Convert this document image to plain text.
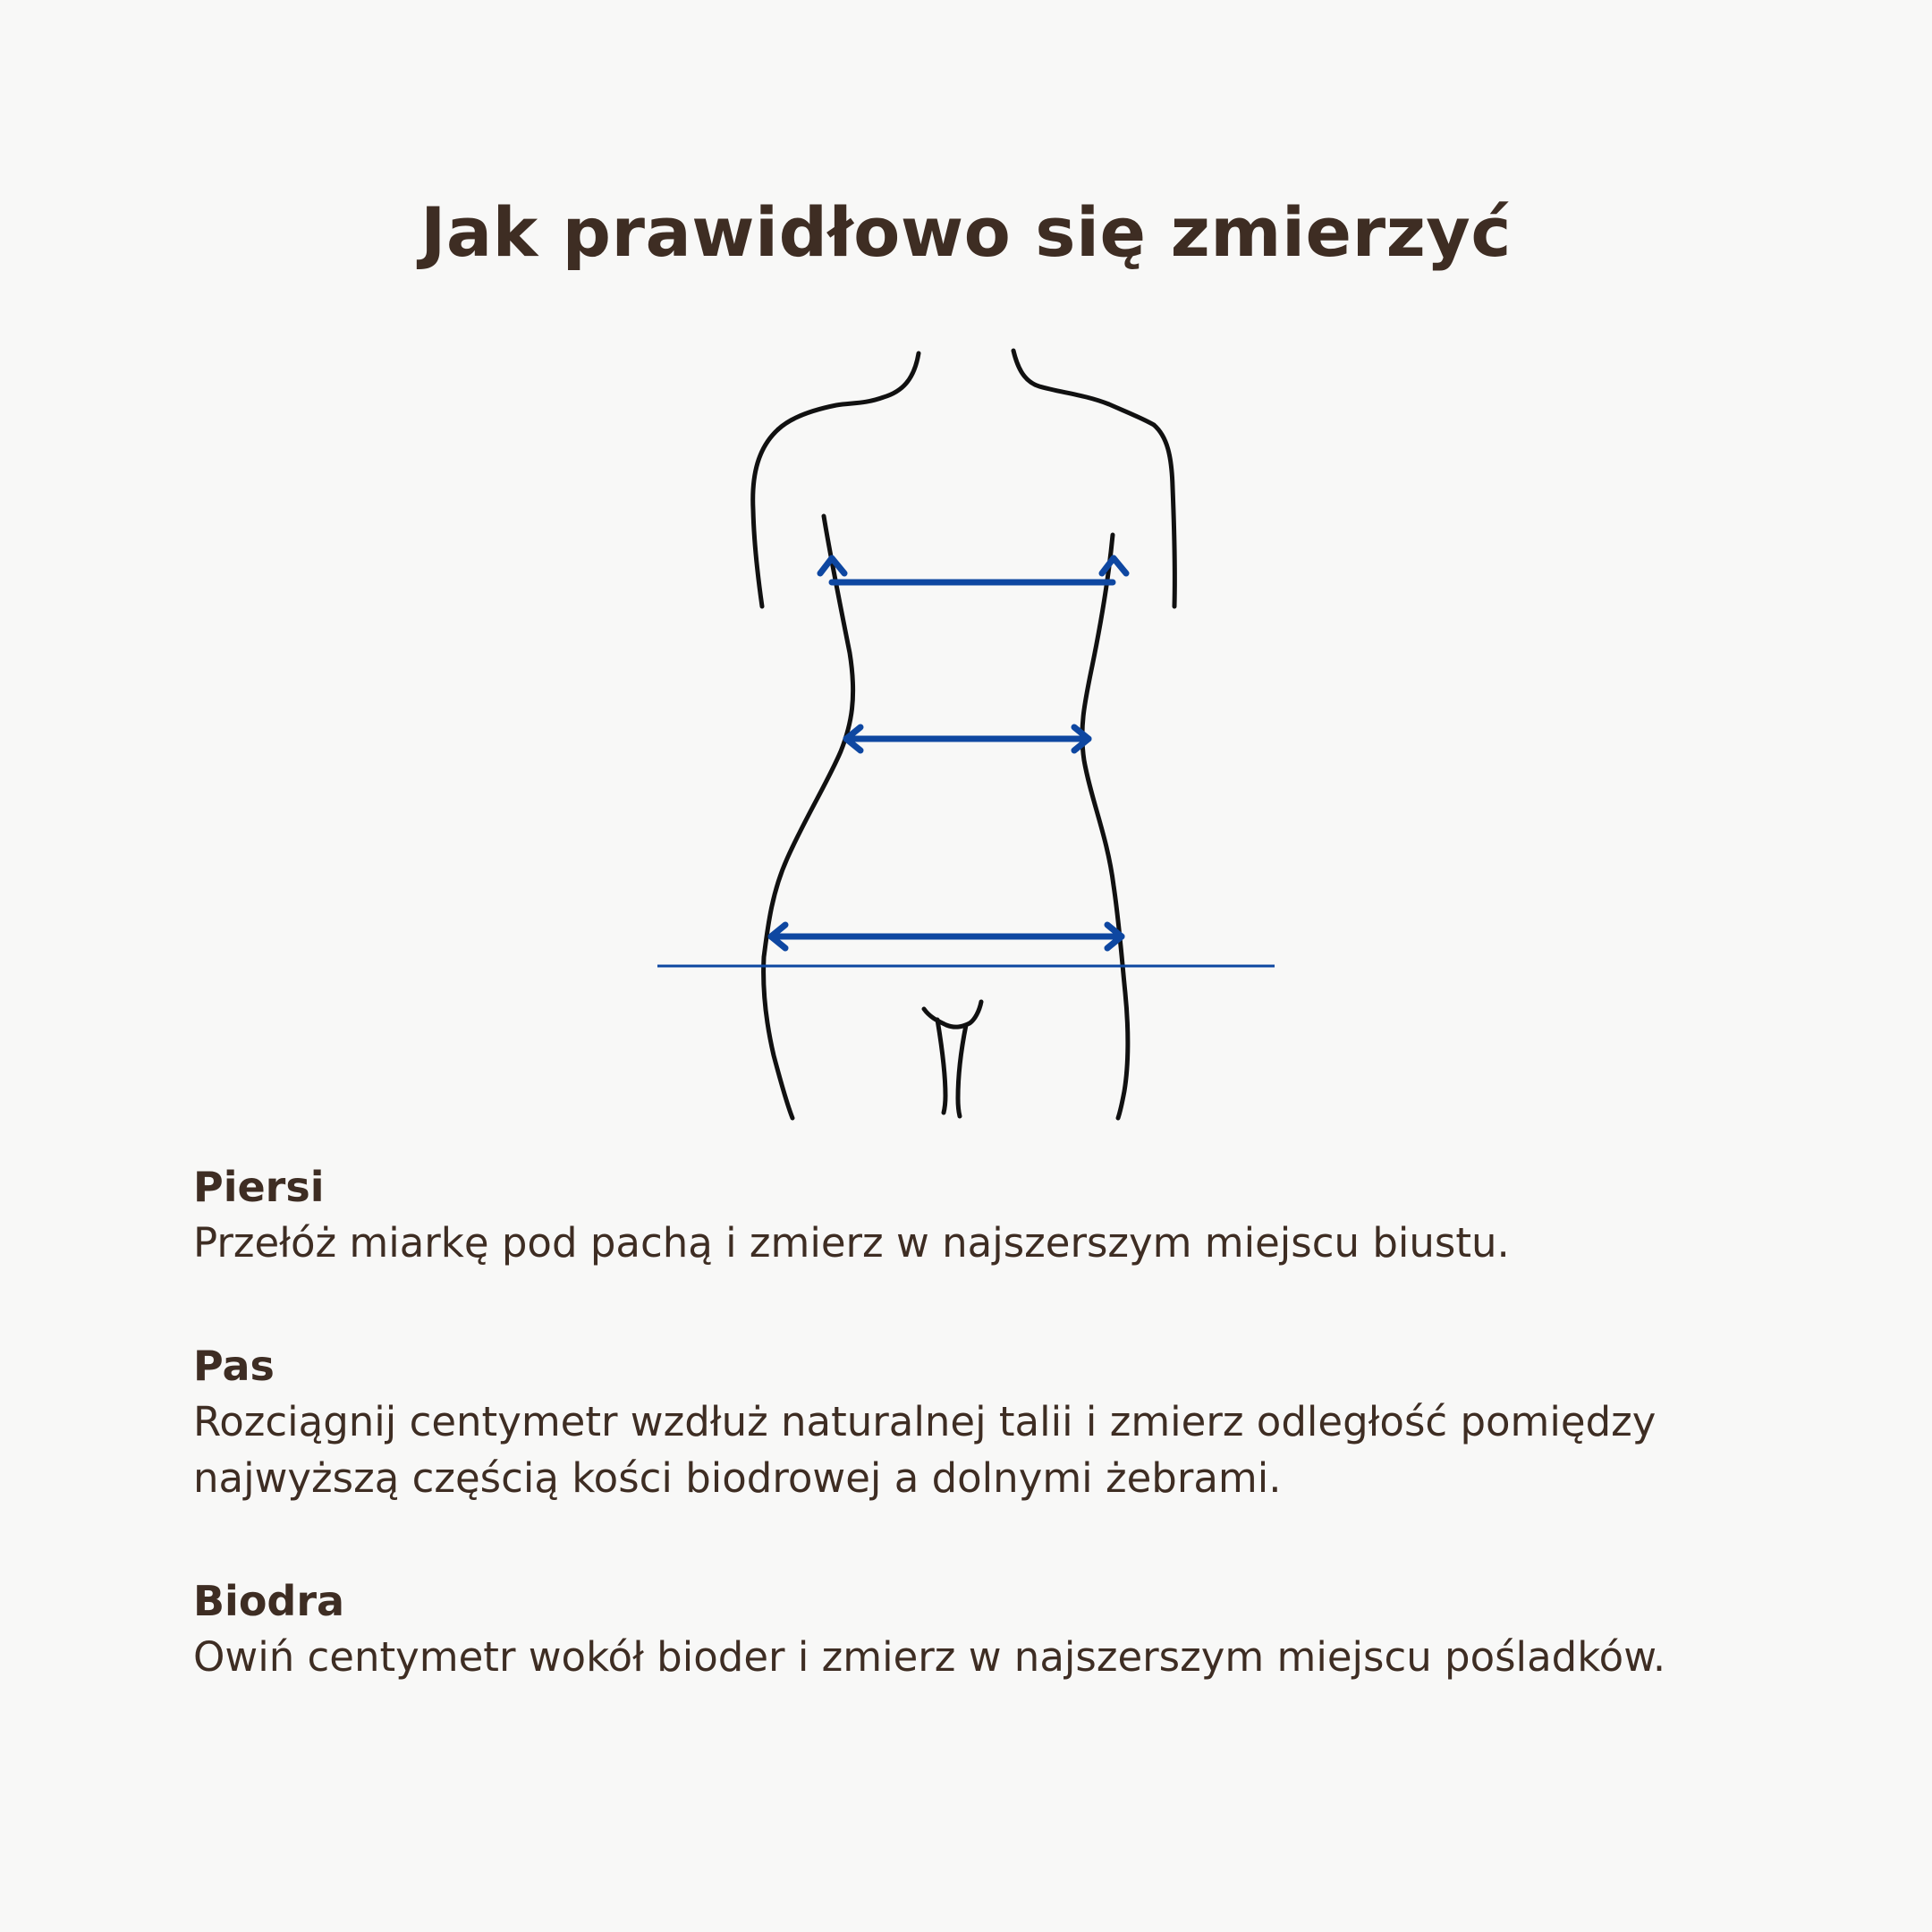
Jak prawidłowo się zmierzyć

Piersi

Przełóż miarkę pod pachą i zmierz w najszerszym miejscu biustu.

Pas

Rozciągnij centymetr wzdłuż naturalnej talii i zmierz odległość pomiędzy najwyższą częścią kości biodrowej a dolnymi żebrami.

Biodra

Owiń centymetr wokół bioder i zmierz w najszerszym miejscu pośladków.
